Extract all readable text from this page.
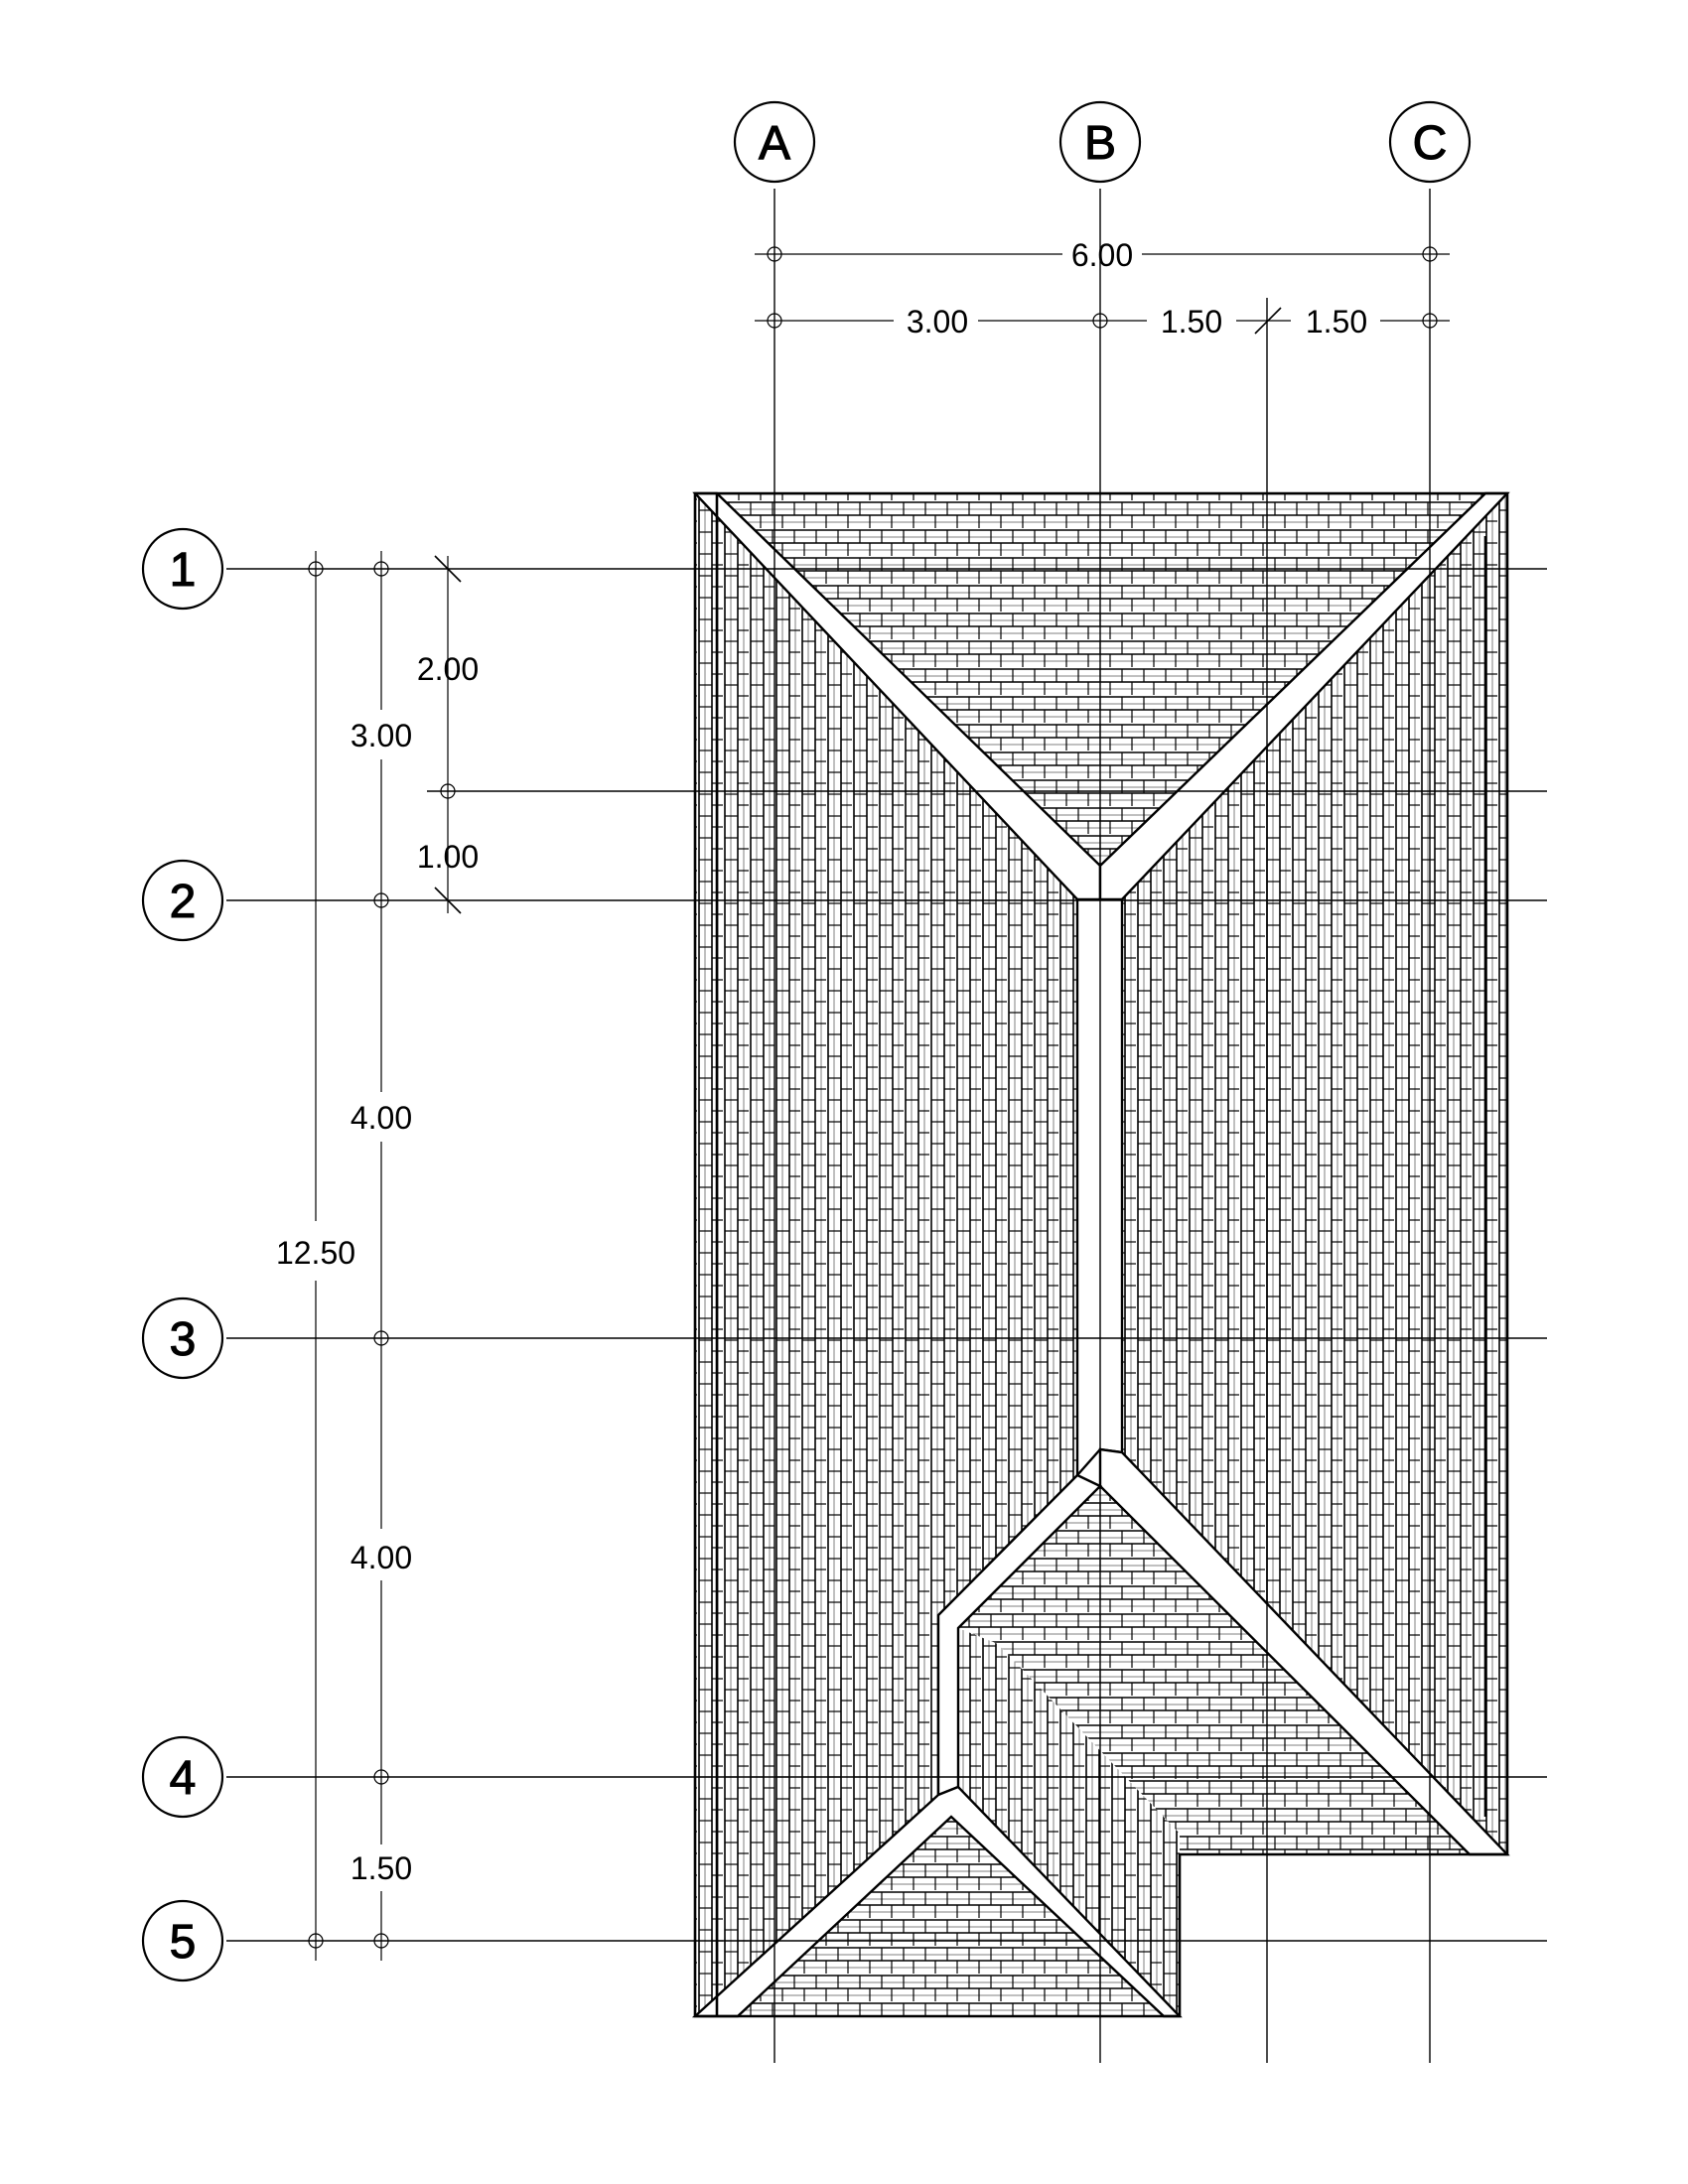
A	B	C
1
2
3
4
5
6.00
3.00	1.50	1.50
12.50
3.00
4.00
4.00
1.50
2.00
1.00
